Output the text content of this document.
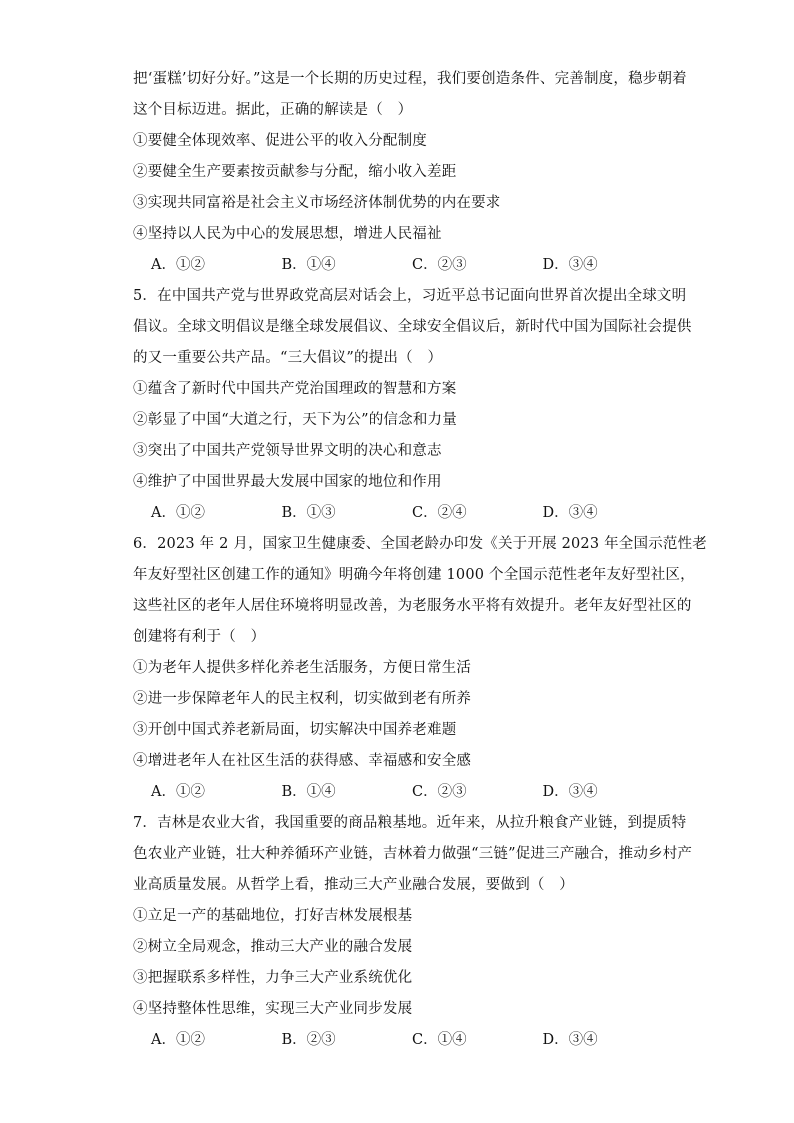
把‘蛋糕’切好分好。”这是一个长期的历史过程，我们要创造条件、完善制度，稳步朝着
这个目标迈进。据此，正确的解读是（　）
①要健全体现效率、促进公平的收入分配制度
②要健全生产要素按贡献参与分配，缩小收入差距
③实现共同富裕是社会主义市场经济体制优势的内在要求
④坚持以人民为中心的发展思想，增进人民福祉
A．①②	B．①④	C．②③	D．③④
5．在中国共产党与世界政党高层对话会上，习近平总书记面向世界首次提出全球文明
倡议。全球文明倡议是继全球发展倡议、全球安全倡议后，新时代中国为国际社会提供
的又一重要公共产品。“三大倡议”的提出（　）
①蕴含了新时代中国共产党治国理政的智慧和方案
②彰显了中国“大道之行，天下为公”的信念和力量
③突出了中国共产党领导世界文明的决心和意志
④维护了中国世界最大发展中国家的地位和作用
A．①②	B．①③	C．②④	D．③④
6．2023 年 2 月，国家卫生健康委、全国老龄办印发《关于开展 2023 年全国示范性老
年友好型社区创建工作的通知》明确今年将创建 1000 个全国示范性老年友好型社区，
这些社区的老年人居住环境将明显改善，为老服务水平将有效提升。老年友好型社区的
创建将有利于（　）
①为老年人提供多样化养老生活服务，方便日常生活
②进一步保障老年人的民主权利，切实做到老有所养
③开创中国式养老新局面，切实解决中国养老难题
④增进老年人在社区生活的获得感、幸福感和安全感
A．①②	B．①④	C．②③	D．③④
7．吉林是农业大省，我国重要的商品粮基地。近年来，从拉升粮食产业链，到提质特
色农业产业链，壮大种养循环产业链，吉林着力做强“三链”促进三产融合，推动乡村产
业高质量发展。从哲学上看，推动三大产业融合发展，要做到（　）
①立足一产的基础地位，打好吉林发展根基
②树立全局观念，推动三大产业的融合发展
③把握联系多样性，力争三大产业系统优化
④坚持整体性思维，实现三大产业同步发展
A．①②	B．②③	C．①④	D．③④
